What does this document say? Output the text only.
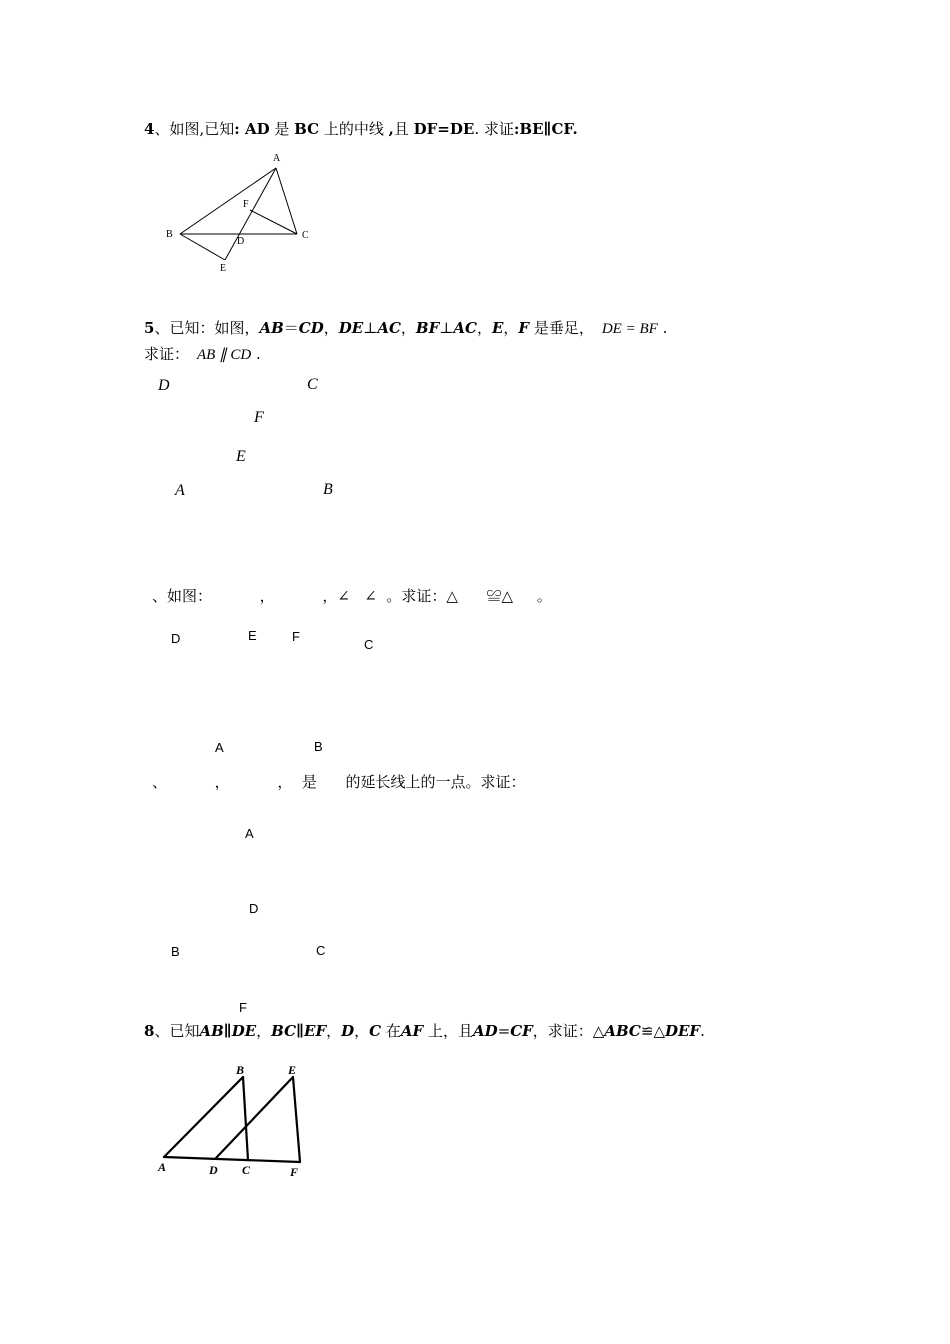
4、如图,已知: AD 是 BC 上的中线 ,且 DF=DE. 求证:BE∥CF.
A
B	C
D
E
F
5、已知：如图，AB＝CD，DE⊥AC，BF⊥AC，E，F 是垂足， DE = BF .
求证： AB ∥ CD .
D	C
F
E
A	B
、如图：          ，          ，∠   ∠  。求证：△      ≌△     。
D	E	F
C
A	B
、          ，          ，  是      的延长线上的一点。求证：
A
D
B	C
F
8、已知AB∥DE，BC∥EF，D，C 在AF 上，且AD=CF，求证：△ABC≌△DEF.
A
B
C
D
E
F
